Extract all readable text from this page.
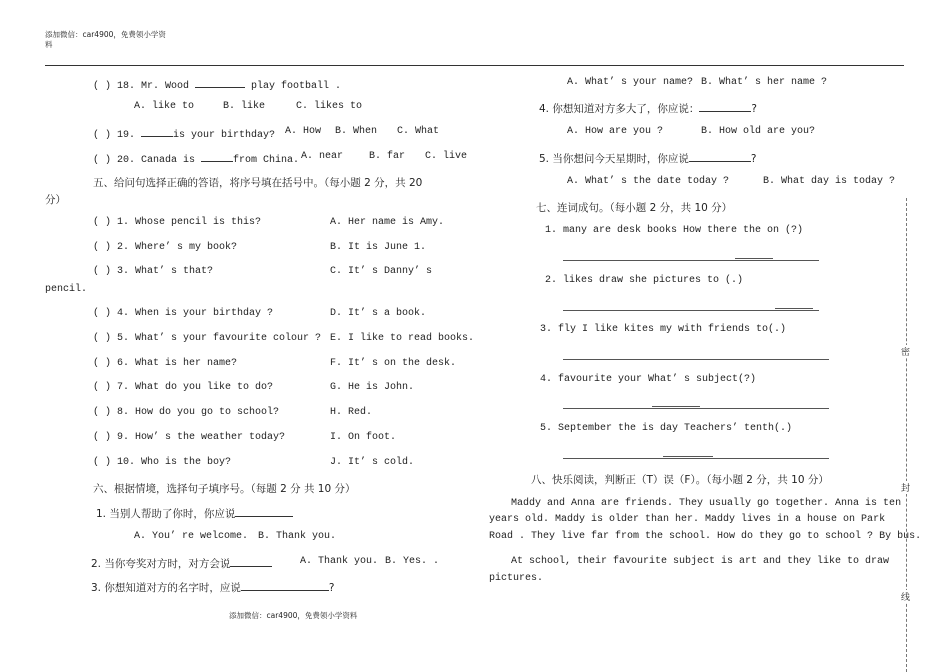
添加微信：car4900，免费领小学资
料
( ) 18. Mr. Wood	play football .
A. like to	B. like	C. likes to
( ) 19.	is your birthday? A. How B. When C. What
( ) 20. Canada is	from China. A. near	B. far C. live
五、给问句选择正确的答语，将序号填在括号中。（每小题 2 分，共 20
分）
( ) 1. Whose pencil is this?	A. Her name is Amy.
( ) 2. Where’ s my book?	B. It is June 1.
( ) 3. What’ s that?	C. It’ s Danny’ s
pencil.
( ) 4. When is your birthday ?	D. It’ s a book.
( ) 5. What’ s your favourite colour ? E. I like to read books.
( ) 6. What is her name?	F. It’ s on the desk.
( ) 7. What do you like to do?	G. He is John.
( ) 8. How do you go to school?	H. Red.
( ) 9. How’ s the weather today?	I. On foot.
( ) 10. Who is the boy?	J. It’ s cold.
六、根据情境，选择句子填序号。（每题 2 分 共 10 分）
1. 当别人帮助了你时，你应说
A. You’ re welcome. B. Thank you.
2. 当你夸奖对方时，对方会说	A. Thank you. B. Yes. .
3. 你想知道对方的名字时，应说	?
A. What’ s your name? B. What’ s her name ?
4. 你想知道对方多大了，你应说：	?
A. How are you ?	B. How old are you?
5. 当你想问今天星期时，你应说	?
A. What’ s the date today ?	B. What day is today ?
七、连词成句。（每小题 2 分，共 10 分）
1. many are desk books How there the on (?)
2. likes draw she pictures to (.)
3. fly I like kites my with friends to(.)
4. favourite your What’ s subject(?)
5. September the is day Teachers’ tenth(.)
八、快乐阅读，判断正（T）误（F）。（每小题 2 分，共 10 分）
Maddy and Anna are friends. They usually go together. Anna is ten
years old. Maddy is older than her. Maddy lives in a house on Park
Road . They live far from the school. How do they go to school ? By bus.
At school, their favourite subject is art and they like to draw
pictures.
密
封
线
添加微信：car4900，免费领小学资料
